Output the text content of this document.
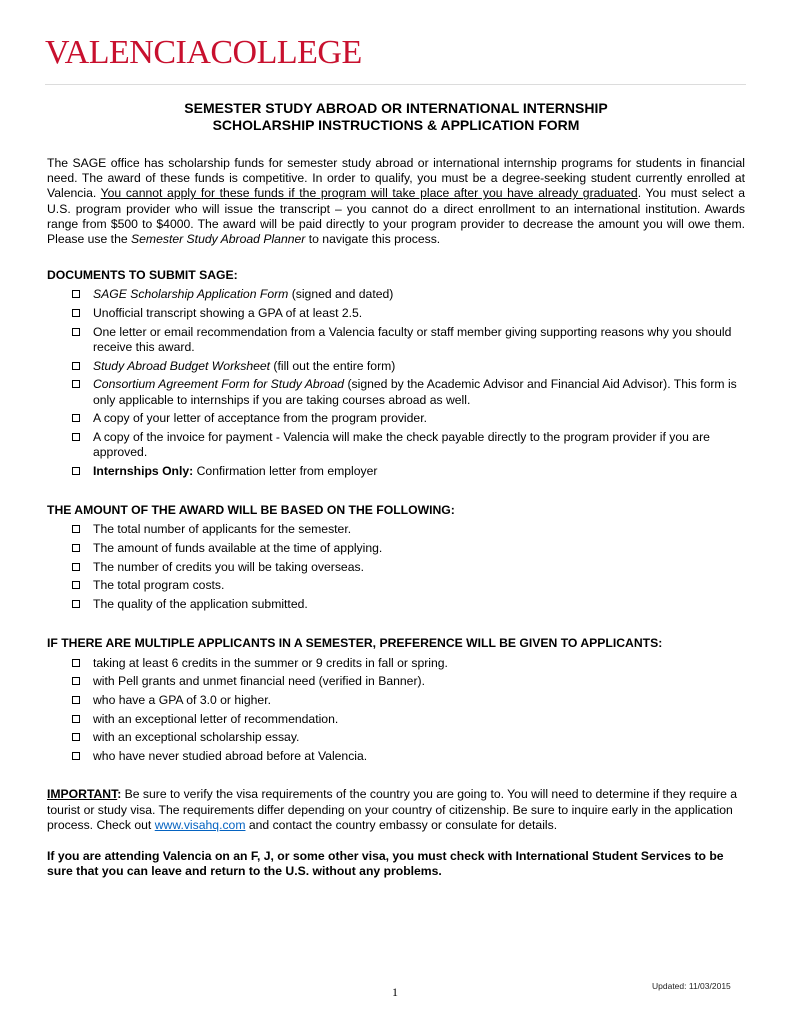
VALENCIACOLLEGE

SEMESTER STUDY ABROAD OR INTERNATIONAL INTERNSHIP
SCHOLARSHIP INSTRUCTIONS & APPLICATION FORM

The SAGE office has scholarship funds for semester study abroad or international internship programs for students in financial need. The award of these funds is competitive. In order to qualify, you must be a degree-seeking student currently enrolled at Valencia. You cannot apply for these funds if the program will take place after you have already graduated. You must select a U.S. program provider who will issue the transcript – you cannot do a direct enrollment to an international institution. Awards range from $500 to $4000. The award will be paid directly to your program provider to decrease the amount you will owe them. Please use the Semester Study Abroad Planner to navigate this process.

DOCUMENTS TO SUBMIT SAGE:

SAGE Scholarship Application Form (signed and dated)
Unofficial transcript showing a GPA of at least 2.5.
One letter or email recommendation from a Valencia faculty or staff member giving supporting reasons why you should receive this award.
Study Abroad Budget Worksheet (fill out the entire form)
Consortium Agreement Form for Study Abroad (signed by the Academic Advisor and Financial Aid Advisor). This form is only applicable to internships if you are taking courses abroad as well.
A copy of your letter of acceptance from the program provider.
A copy of the invoice for payment - Valencia will make the check payable directly to the program provider if you are approved.
Internships Only: Confirmation letter from employer

THE AMOUNT OF THE AWARD WILL BE BASED ON THE FOLLOWING:

The total number of applicants for the semester.
The amount of funds available at the time of applying.
The number of credits you will be taking overseas.
The total program costs.
The quality of the application submitted.

IF THERE ARE MULTIPLE APPLICANTS IN A SEMESTER, PREFERENCE WILL BE GIVEN TO APPLICANTS:

taking at least 6 credits in the summer or 9 credits in fall or spring.
with Pell grants and unmet financial need (verified in Banner).
who have a GPA of 3.0 or higher.
with an exceptional letter of recommendation.
with an exceptional scholarship essay.
who have never studied abroad before at Valencia.

IMPORTANT: Be sure to verify the visa requirements of the country you are going to. You will need to determine if they require a tourist or study visa. The requirements differ depending on your country of citizenship. Be sure to inquire early in the application process. Check out www.visahq.com and contact the country embassy or consulate for details.

If you are attending Valencia on an F, J, or some other visa, you must check with International Student Services to be sure that you can leave and return to the U.S. without any problems.

1	Updated: 11/03/2015
